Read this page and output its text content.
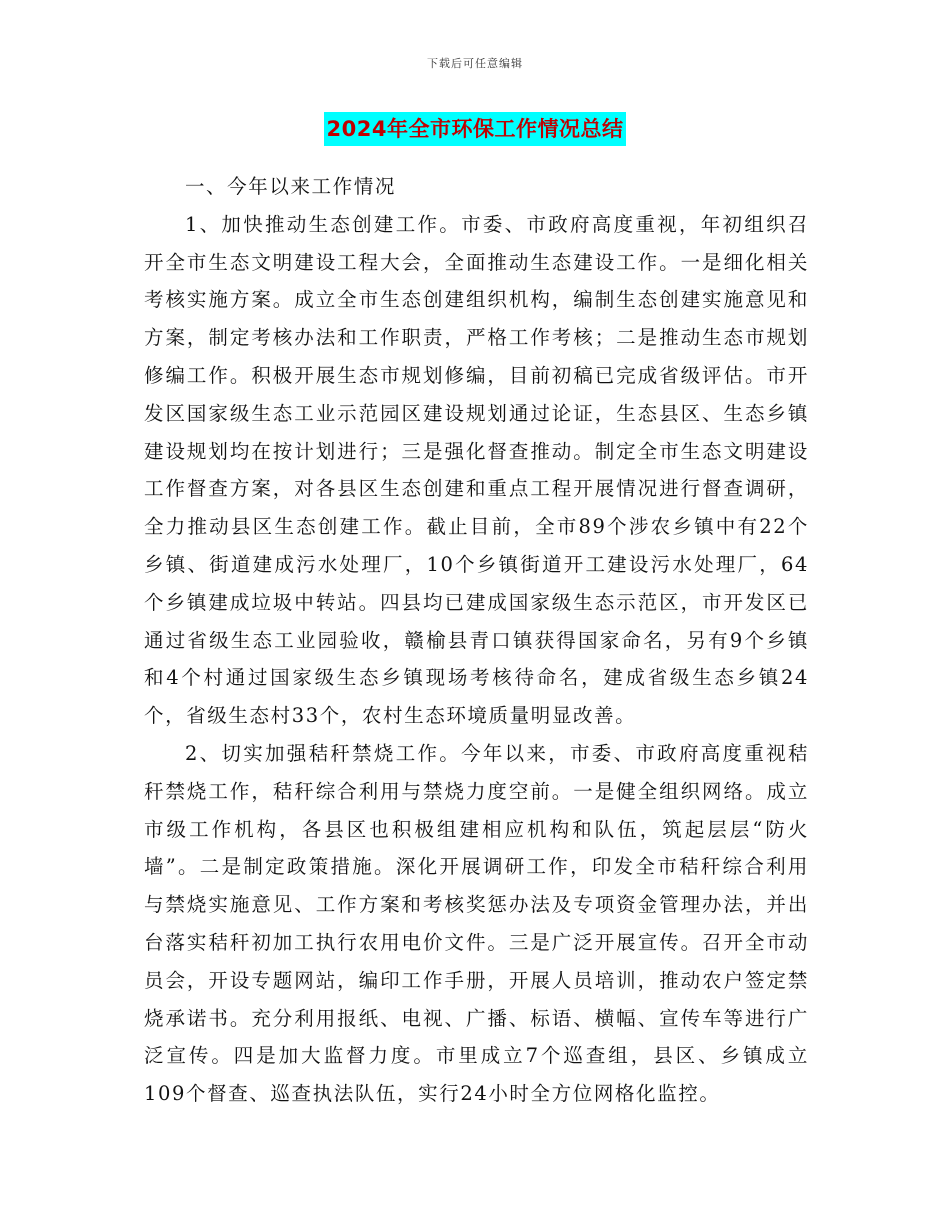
下载后可任意编辑
2024年全市环保工作情况总结

一、今年以来工作情况

1、加快推动生态创建工作。市委、市政府高度重视，年初组织召开全市生态文明建设工程大会，全面推动生态建设工作。一是细化相关考核实施方案。成立全市生态创建组织机构，编制生态创建实施意见和方案，制定考核办法和工作职责，严格工作考核；二是推动生态市规划修编工作。积极开展生态市规划修编，目前初稿已完成省级评估。市开发区国家级生态工业示范园区建设规划通过论证，生态县区、生态乡镇建设规划均在按计划进行；三是强化督查推动。制定全市生态文明建设工作督查方案，对各县区生态创建和重点工程开展情况进行督查调研，全力推动县区生态创建工作。截止目前，全市89个涉农乡镇中有22个乡镇、街道建成污水处理厂，10个乡镇街道开工建设污水处理厂，64个乡镇建成垃圾中转站。四县均已建成国家级生态示范区，市开发区已通过省级生态工业园验收，赣榆县青口镇获得国家命名，另有9个乡镇和4个村通过国家级生态乡镇现场考核待命名，建成省级生态乡镇24个，省级生态村33个，农村生态环境质量明显改善。

2、切实加强秸秆禁烧工作。今年以来，市委、市政府高度重视秸秆禁烧工作，秸秆综合利用与禁烧力度空前。一是健全组织网络。成立市级工作机构，各县区也积极组建相应机构和队伍，筑起层层“防火墙”。二是制定政策措施。深化开展调研工作，印发全市秸秆综合利用与禁烧实施意见、工作方案和考核奖惩办法及专项资金管理办法，并出台落实秸秆初加工执行农用电价文件。三是广泛开展宣传。召开全市动员会，开设专题网站，编印工作手册，开展人员培训，推动农户签定禁烧承诺书。充分利用报纸、电视、广播、标语、横幅、宣传车等进行广泛宣传。四是加大监督力度。市里成立7个巡查组，县区、乡镇成立109个督查、巡查执法队伍，实行24小时全方位网格化监控。
